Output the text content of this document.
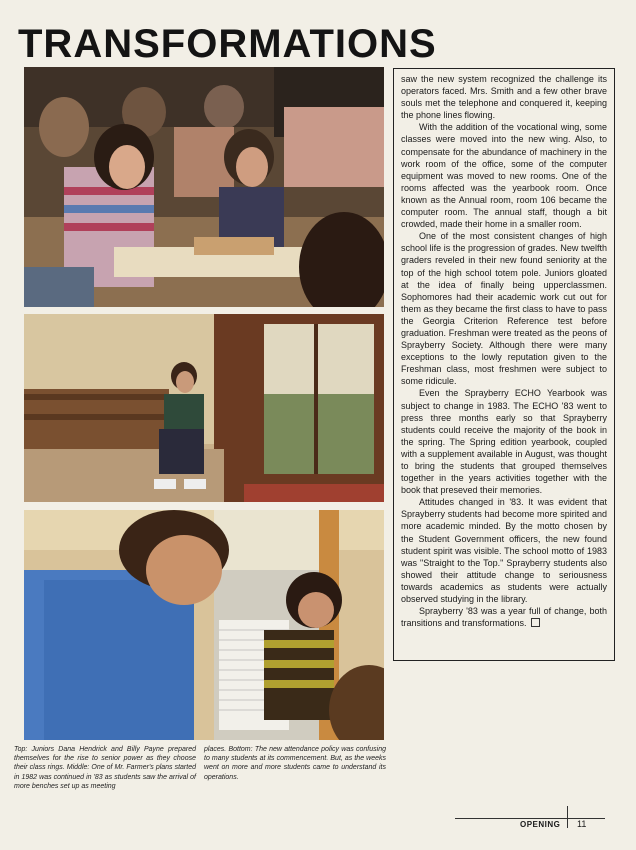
TRANSFORMATIONS

saw the new system recognized the challenge its operators faced. Mrs. Smith and a few other brave souls met the telephone and conquered it, keeping the phone lines flowing.

With the addition of the vocational wing, some classes were moved into the new wing. Also, to compensate for the abundance of machinery in the work room of the office, some of the computer equipment was moved to new rooms. One of the rooms affected was the yearbook room. Once known as the Annual room, room 106 became the computer room. The annual staff, though a bit crowded, made their home in a smaller room.

One of the most consistent changes of high school life is the progression of grades. New twelfth graders reveled in their new found seniority at the top of the high school totem pole. Juniors gloated at the idea of finally being upperclassmen. Sophomores had their academic work cut out for them as they became the first class to have to pass the Georgia Criterion Reference test before graduation. Freshman were treated as the peons of Sprayberry Society. Although there were many exceptions to the lowly reputation given to the Freshman class, most freshmen were subject to some ridicule.

Even the Sprayberry ECHO Yearbook was subject to change in 1983. The ECHO '83 went to press three months early so that Sprayberry students could receive the majority of the book in the spring. The Spring edition yearbook, coupled with a supplement available in August, was thought to bring the students that grouped themselves together in the years activities together with the book that preseved their memories.

Attitudes changed in '83. It was evident that Sprayberry students had become more spirited and more academic minded. By the motto chosen by the Student Government officers, the new found student spirit was visible. The school motto of 1983 was "Straight to the Top." Sprayberry students also showed their attitude change to seriousness towards academics as students were actually observed studying in the library.

Sprayberry '83 was a year full of change, both transitions and transformations.

Top: Juniors Dana Hendrick and Billy Payne prepared themselves for the rise to senior power as they choose their class rings. Middle: One of Mr. Farmer's plans started in 1982 was continued in '83 as students saw the arrival of more benches set up as meeting
places. Bottom: The new attendance policy was confusing to many students at its commencement. But, as the weeks went on more and more students came to understand its operations.
OPENING 11
